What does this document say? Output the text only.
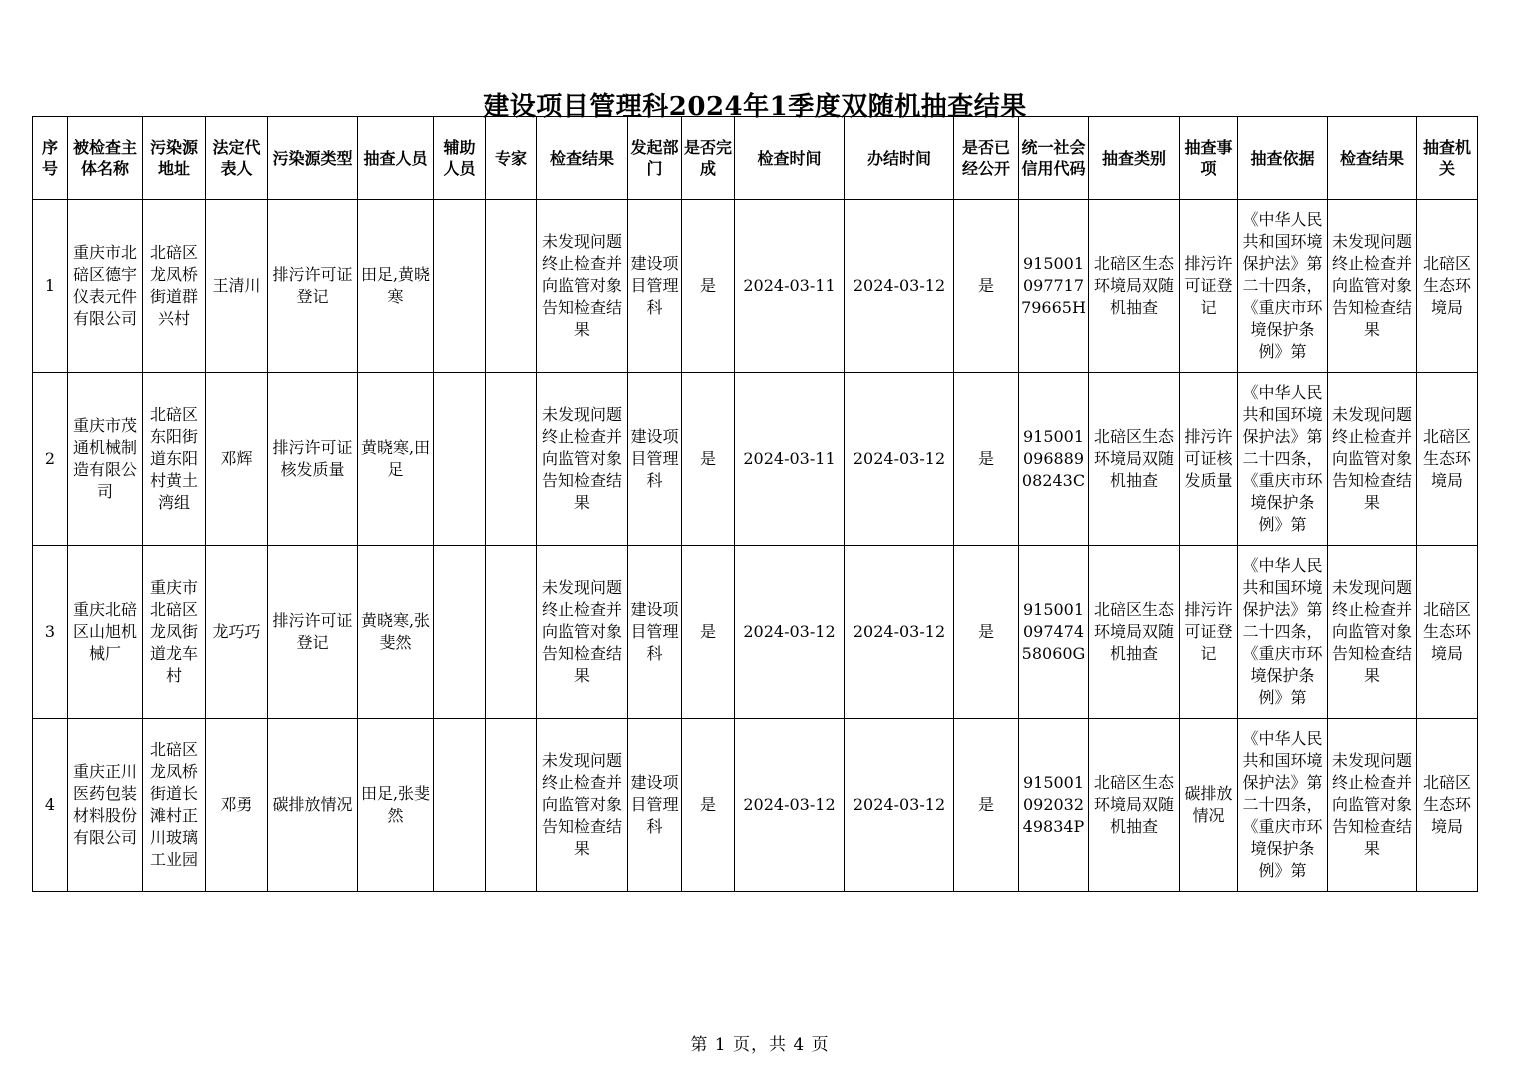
建设项目管理科2024年1季度双随机抽查结果
序号	被检查主体名称	污染源地址	法定代表人	污染源类型	抽查人员	辅助人员	专家	检查结果	发起部门	是否完成	检查时间	办结时间	是否已经公开	统一社会信用代码	抽查类别	抽查事项	抽查依据	检查结果	抽查机关
1	重庆市北碚区德宇仪表元件有限公司	北碚区龙凤桥街道群兴村	王清川	排污许可证登记	田足,黄晓寒			未发现问题终止检查并向监管对象告知检查结果	建设项目管理科	是	2024-03-11	2024-03-12	是	91500109771779665H	北碚区生态环境局双随机抽查	排污许可证登记	《中华人民共和国环境保护法》第二十四条，《重庆市环境保护条例》第	未发现问题终止检查并向监管对象告知检查结果	北碚区生态环境局
2	重庆市茂通机械制造有限公司	北碚区东阳街道东阳村黄土湾组	邓辉	排污许可证核发质量	黄晓寒,田足			未发现问题终止检查并向监管对象告知检查结果	建设项目管理科	是	2024-03-11	2024-03-12	是	91500109688908243C	北碚区生态环境局双随机抽查	排污许可证核发质量	《中华人民共和国环境保护法》第二十四条，《重庆市环境保护条例》第	未发现问题终止检查并向监管对象告知检查结果	北碚区生态环境局
3	重庆北碚区山旭机械厂	重庆市北碚区龙凤街道龙车村	龙巧巧	排污许可证登记	黄晓寒,张斐然			未发现问题终止检查并向监管对象告知检查结果	建设项目管理科	是	2024-03-12	2024-03-12	是	91500109747458060G	北碚区生态环境局双随机抽查	排污许可证登记	《中华人民共和国环境保护法》第二十四条，《重庆市环境保护条例》第	未发现问题终止检查并向监管对象告知检查结果	北碚区生态环境局
4	重庆正川医药包装材料股份有限公司	北碚区龙凤桥街道长滩村正川玻璃工业园	邓勇	碳排放情况	田足,张斐然			未发现问题终止检查并向监管对象告知检查结果	建设项目管理科	是	2024-03-12	2024-03-12	是	91500109203249834P	北碚区生态环境局双随机抽查	碳排放情况	《中华人民共和国环境保护法》第二十四条，《重庆市环境保护条例》第	未发现问题终止检查并向监管对象告知检查结果	北碚区生态环境局
第 1 页，共 4 页
